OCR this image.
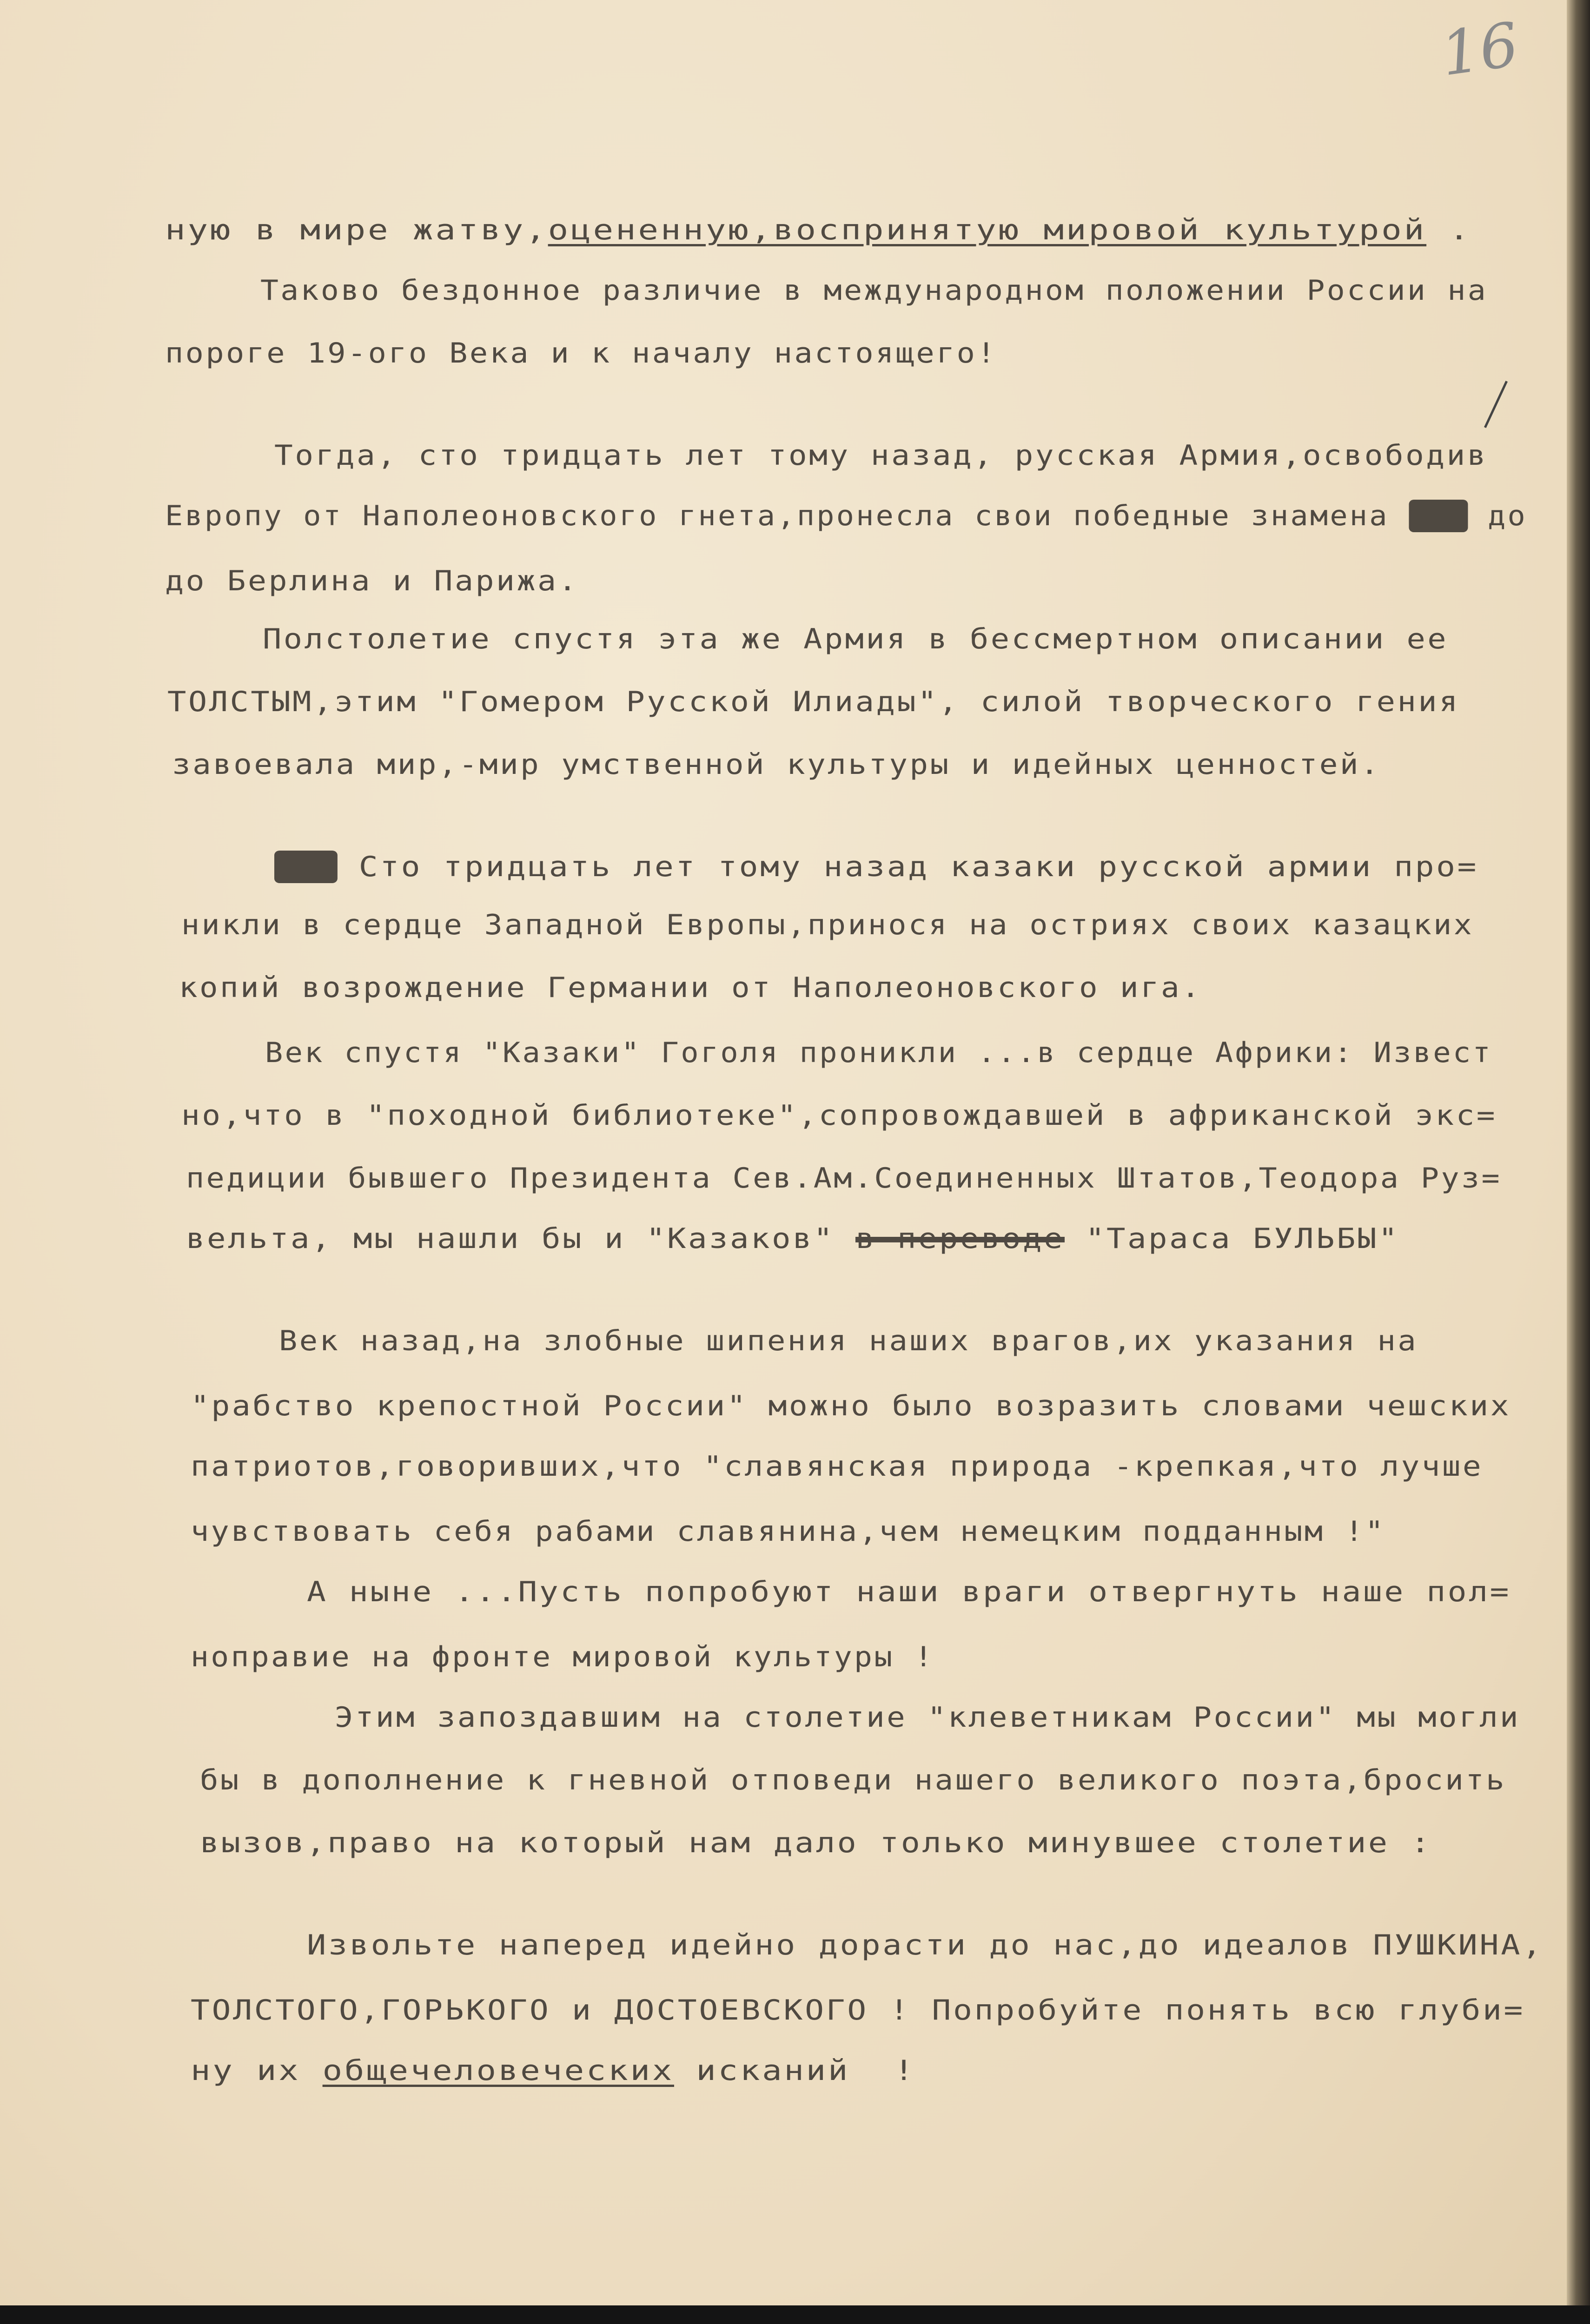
16
ную в мире жатву,оцененную,воспринятую мировой культурой .
Таково бездонное различие в международном положении России на
пороге 19-ого Века и к началу настоящего!
Тогда, сто тридцать лет тому назад, русская Армия,освободив
Европу от Наполеоновского гнета,пронесла свои победные знамена xxx до
до Берлина и Парижа.
Полстолетие спустя эта же Армия в бессмертном описании ее
ТОЛСТЫМ,этим "Гомером Русской Илиады", силой творческого гения
завоевала мир,-мир умственной культуры и идейных ценностей.
Сто Сто тридцать лет тому назад казаки русской армии про=
никли в сердце Западной Европы,принося на остриях своих казацких
копий возрождение Германии от Наполеоновского ига.
Век спустя "Казаки" Гоголя проникли ...в сердце Африки: Извест
но,что в "походной библиотеке",сопровождавшей в африканской экс=
педиции бывшего Президента Сев.Ам.Соединенных Штатов,Теодора Руз=
вельта, мы нашли бы и "Казаков" в переводе "Тараса БУЛЬБЫ"
Век назад,на злобные шипения наших врагов,их указания на
"рабство крепостной России" можно было возразить словами чешских
патриотов,говоривших,что "славянская природа -крепкая,что лучше
чувствовать себя рабами славянина,чем немецким подданным !"
А ныне ...Пусть попробуют наши враги отвергнуть наше пол=
ноправие на фронте мировой культуры !
Этим запоздавшим на столетие "клеветникам России" мы могли
бы в дополнение к гневной отповеди нашего великого поэта,бросить
вызов,право на который нам дало только минувшее столетие :
Извольте наперед идейно дорасти до нас,до идеалов ПУШКИНА,
ТОЛСТОГО,ГОРЬКОГО и ДОСТОЕВСКОГО ! Попробуйте понять всю глуби=
ну их общечеловеческих исканий  !
